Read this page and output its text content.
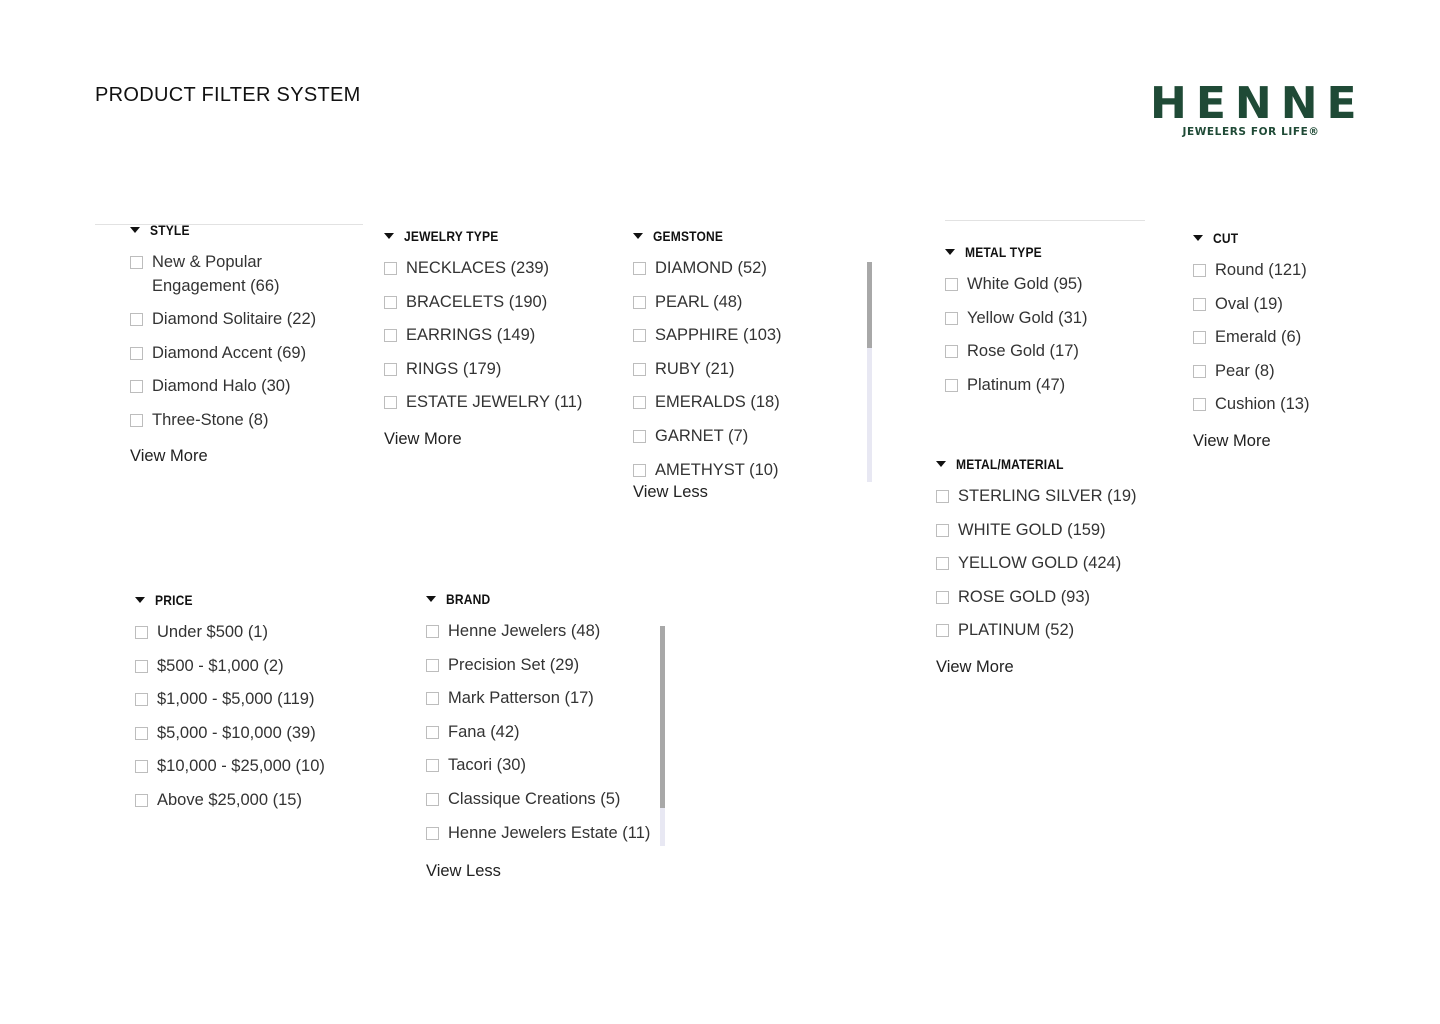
PRODUCT FILTER SYSTEM	HENNE
JEWELERS FOR LIFE®
STYLE
New & Popular Engagement (66)
Diamond Solitaire (22)
Diamond Accent (69)
Diamond Halo (30)
Three-Stone (8)
View More
JEWELRY TYPE
NECKLACES (239)
BRACELETS (190)
EARRINGS (149)
RINGS (179)
ESTATE JEWELRY (11)
View More
GEMSTONE
DIAMOND (52)
PEARL (48)
SAPPHIRE (103)
RUBY (21)
EMERALDS (18)
GARNET (7)
AMETHYST (10)
View Less
METAL TYPE
White Gold (95)
Yellow Gold (31)
Rose Gold (17)
Platinum (47)
METAL/MATERIAL
STERLING SILVER (19)
WHITE GOLD (159)
YELLOW GOLD (424)
ROSE GOLD (93)
PLATINUM (52)
View More
CUT
Round (121)
Oval (19)
Emerald (6)
Pear (8)
Cushion (13)
View More
PRICE
Under $500 (1)
$500 - $1,000 (2)
$1,000 - $5,000 (119)
$5,000 - $10,000 (39)
$10,000 - $25,000 (10)
Above $25,000 (15)
BRAND
Henne Jewelers (48)
Precision Set (29)
Mark Patterson (17)
Fana (42)
Tacori (30)
Classique Creations (5)
Henne Jewelers Estate (11)
View Less
